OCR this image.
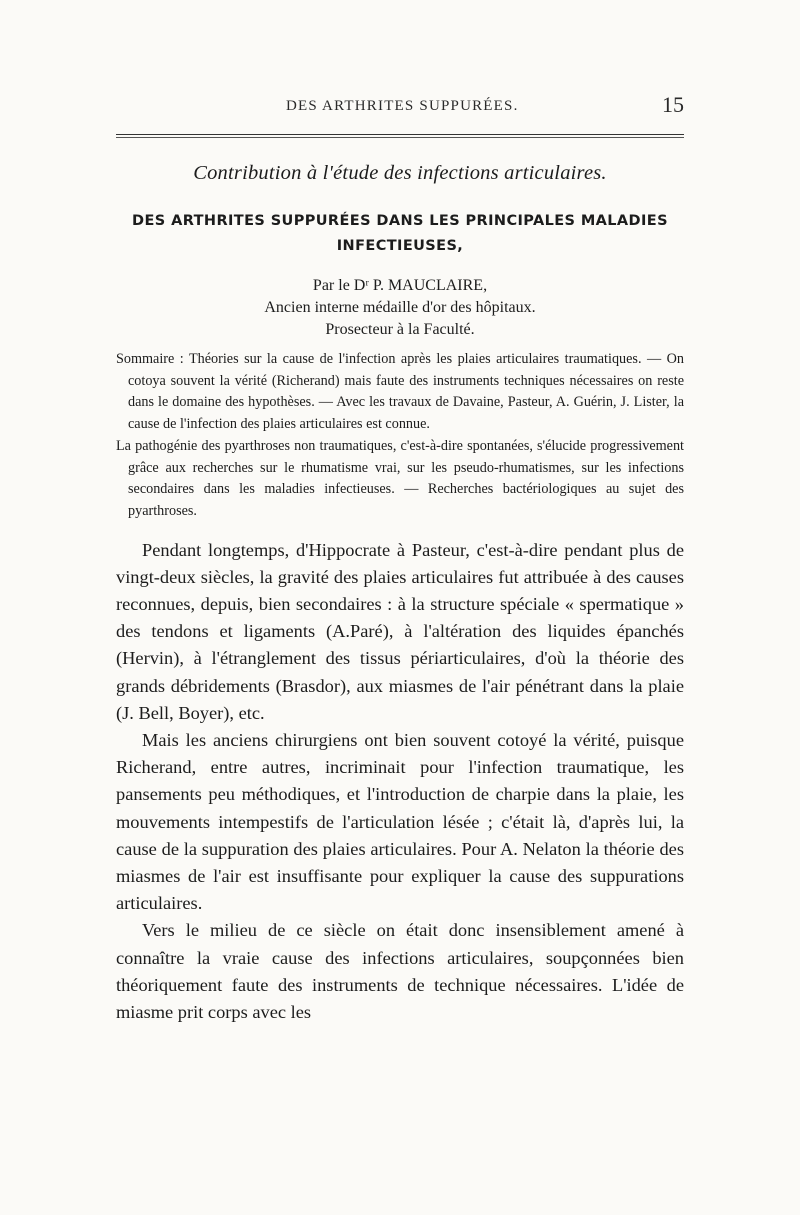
DES ARTHRITES SUPPURÉES.	15
Contribution à l'étude des infections articulaires.
DES ARTHRITES SUPPURÉES DANS LES PRINCIPALES MALADIES
INFECTIEUSES,
Par le Dʳ P. MAUCLAIRE,
Ancien interne médaille d'or des hôpitaux.
Prosecteur à la Faculté.

Sommaire : Théories sur la cause de l'infection après les plaies articulaires traumatiques. — On cotoya souvent la vérité (Richerand) mais faute des instruments techniques nécessaires on reste dans le domaine des hypothèses. — Avec les travaux de Davaine, Pasteur, A. Guérin, J. Lister, la cause de l'infection des plaies articulaires est connue.

La pathogénie des pyarthroses non traumatiques, c'est-à-dire spontanées, s'élucide progressivement grâce aux recherches sur le rhumatisme vrai, sur les pseudo-rhumatismes, sur les infections secondaires dans les maladies infectieuses. — Recherches bactériologiques au sujet des pyarthroses.

Pendant longtemps, d'Hippocrate à Pasteur, c'est-à-dire pendant plus de vingt-deux siècles, la gravité des plaies articulaires fut attribuée à des causes reconnues, depuis, bien secondaires : à la structure spéciale « spermatique » des tendons et ligaments (A.Paré), à l'altération des liquides épanchés (Hervin), à l'étranglement des tissus périarticulaires, d'où la théorie des grands débridements (Brasdor), aux miasmes de l'air pénétrant dans la plaie (J. Bell, Boyer), etc.

Mais les anciens chirurgiens ont bien souvent cotoyé la vérité, puisque Richerand, entre autres, incriminait pour l'infection traumatique, les pansements peu méthodiques, et l'introduction de charpie dans la plaie, les mouvements intempestifs de l'articulation lésée ; c'était là, d'après lui, la cause de la suppuration des plaies articulaires. Pour A. Nelaton la théorie des miasmes de l'air est insuffisante pour expliquer la cause des suppurations articulaires.

Vers le milieu de ce siècle on était donc insensiblement amené à connaître la vraie cause des infections articulaires, soupçonnées bien théoriquement faute des instruments de technique nécessaires. L'idée de miasme prit corps avec les
